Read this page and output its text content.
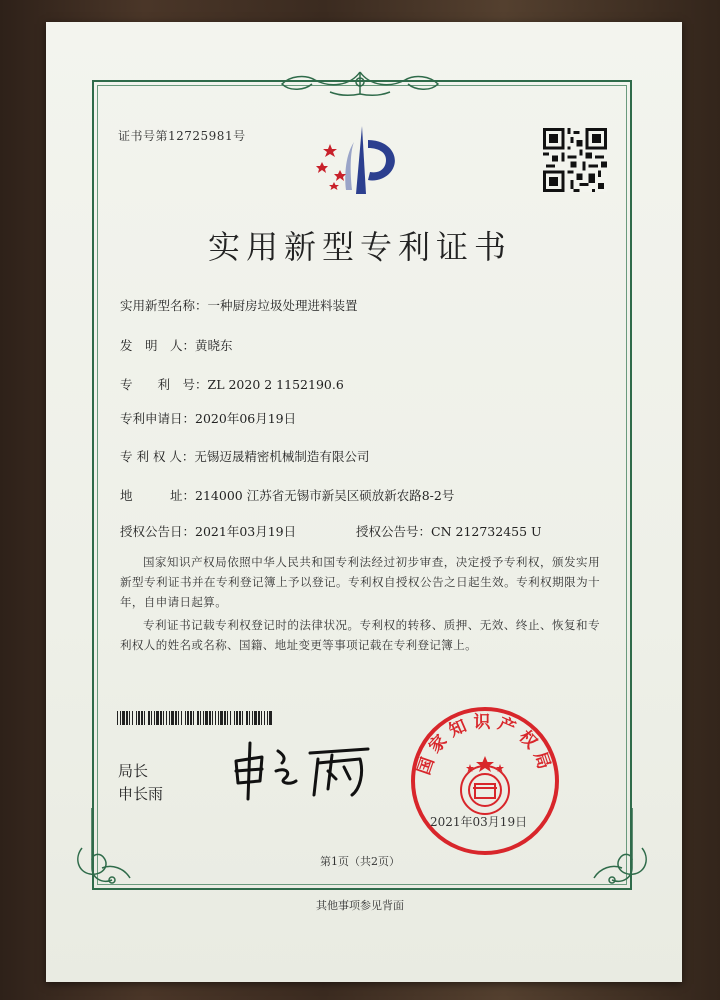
证书号第12725981号
实用新型专利证书
实用新型名称：一种厨房垃圾处理进料装置
发　明　人：黄晓东
专　　利　号：ZL 2020 2 1152190.6
专利申请日：2020年06月19日
专 利 权 人：无锡迈晟精密机械制造有限公司
地　　　址：214000 江苏省无锡市新吴区硕放新农路8-2号
授权公告日：2021年03月19日	授权公告号：CN 212732455 U
国家知识产权局依照中华人民共和国专利法经过初步审查，决定授予专利权，颁发实用新型专利证书并在专利登记簿上予以登记。专利权自授权公告之日起生效。专利权期限为十年，自申请日起算。
专利证书记载专利权登记时的法律状况。专利权的转移、质押、无效、终止、恢复和专利权人的姓名或名称、国籍、地址变更等事项记载在专利登记簿上。
局长
申长雨
国家知识产权局
2021年03月19日
第1页（共2页）
其他事项参见背面
